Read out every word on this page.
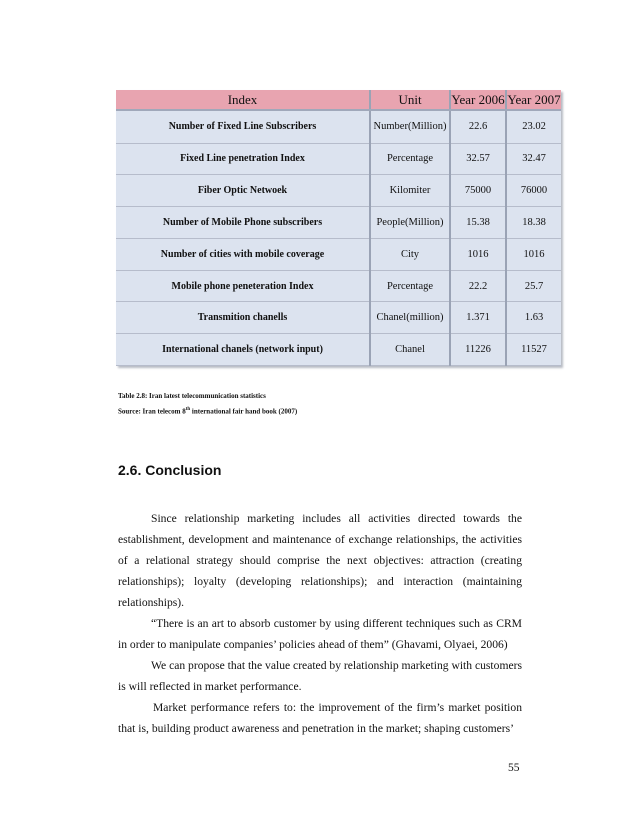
Index	Unit	Year 2006	Year 2007
Number of Fixed Line Subscribers	Number(Million)	22.6	23.02
Fixed Line penetration Index	Percentage	32.57	32.47
Fiber Optic Netwoek	Kilomiter	75000	76000
Number of Mobile Phone subscribers	People(Million)	15.38	18.38
Number of cities with mobile coverage	City	1016	1016
Mobile phone peneteration Index	Percentage	22.2	25.7
Transmition chanells	Chanel(million)	1.371	1.63
International chanels (network input)	Chanel	11226	11527
Table 2.8: Iran latest telecommunication statistics
Source: Iran telecom 8th international fair hand book (2007)
2.6. Conclusion

Since relationship marketing includes all activities directed towards the establishment, development and maintenance of exchange relationships, the activities of a relational strategy should comprise the next objectives: attraction (creating relationships); loyalty (developing relationships); and interaction (maintaining relationships).

“There is an art to absorb customer by using different techniques such as CRM in order to manipulate companies’ policies ahead of them” (Ghavami, Olyaei, 2006)

We can propose that the value created by relationship marketing with customers is will reflected in market performance.

Market performance refers to: the improvement of the firm’s market position that is, building product awareness and penetration in the market; shaping customers’

55
